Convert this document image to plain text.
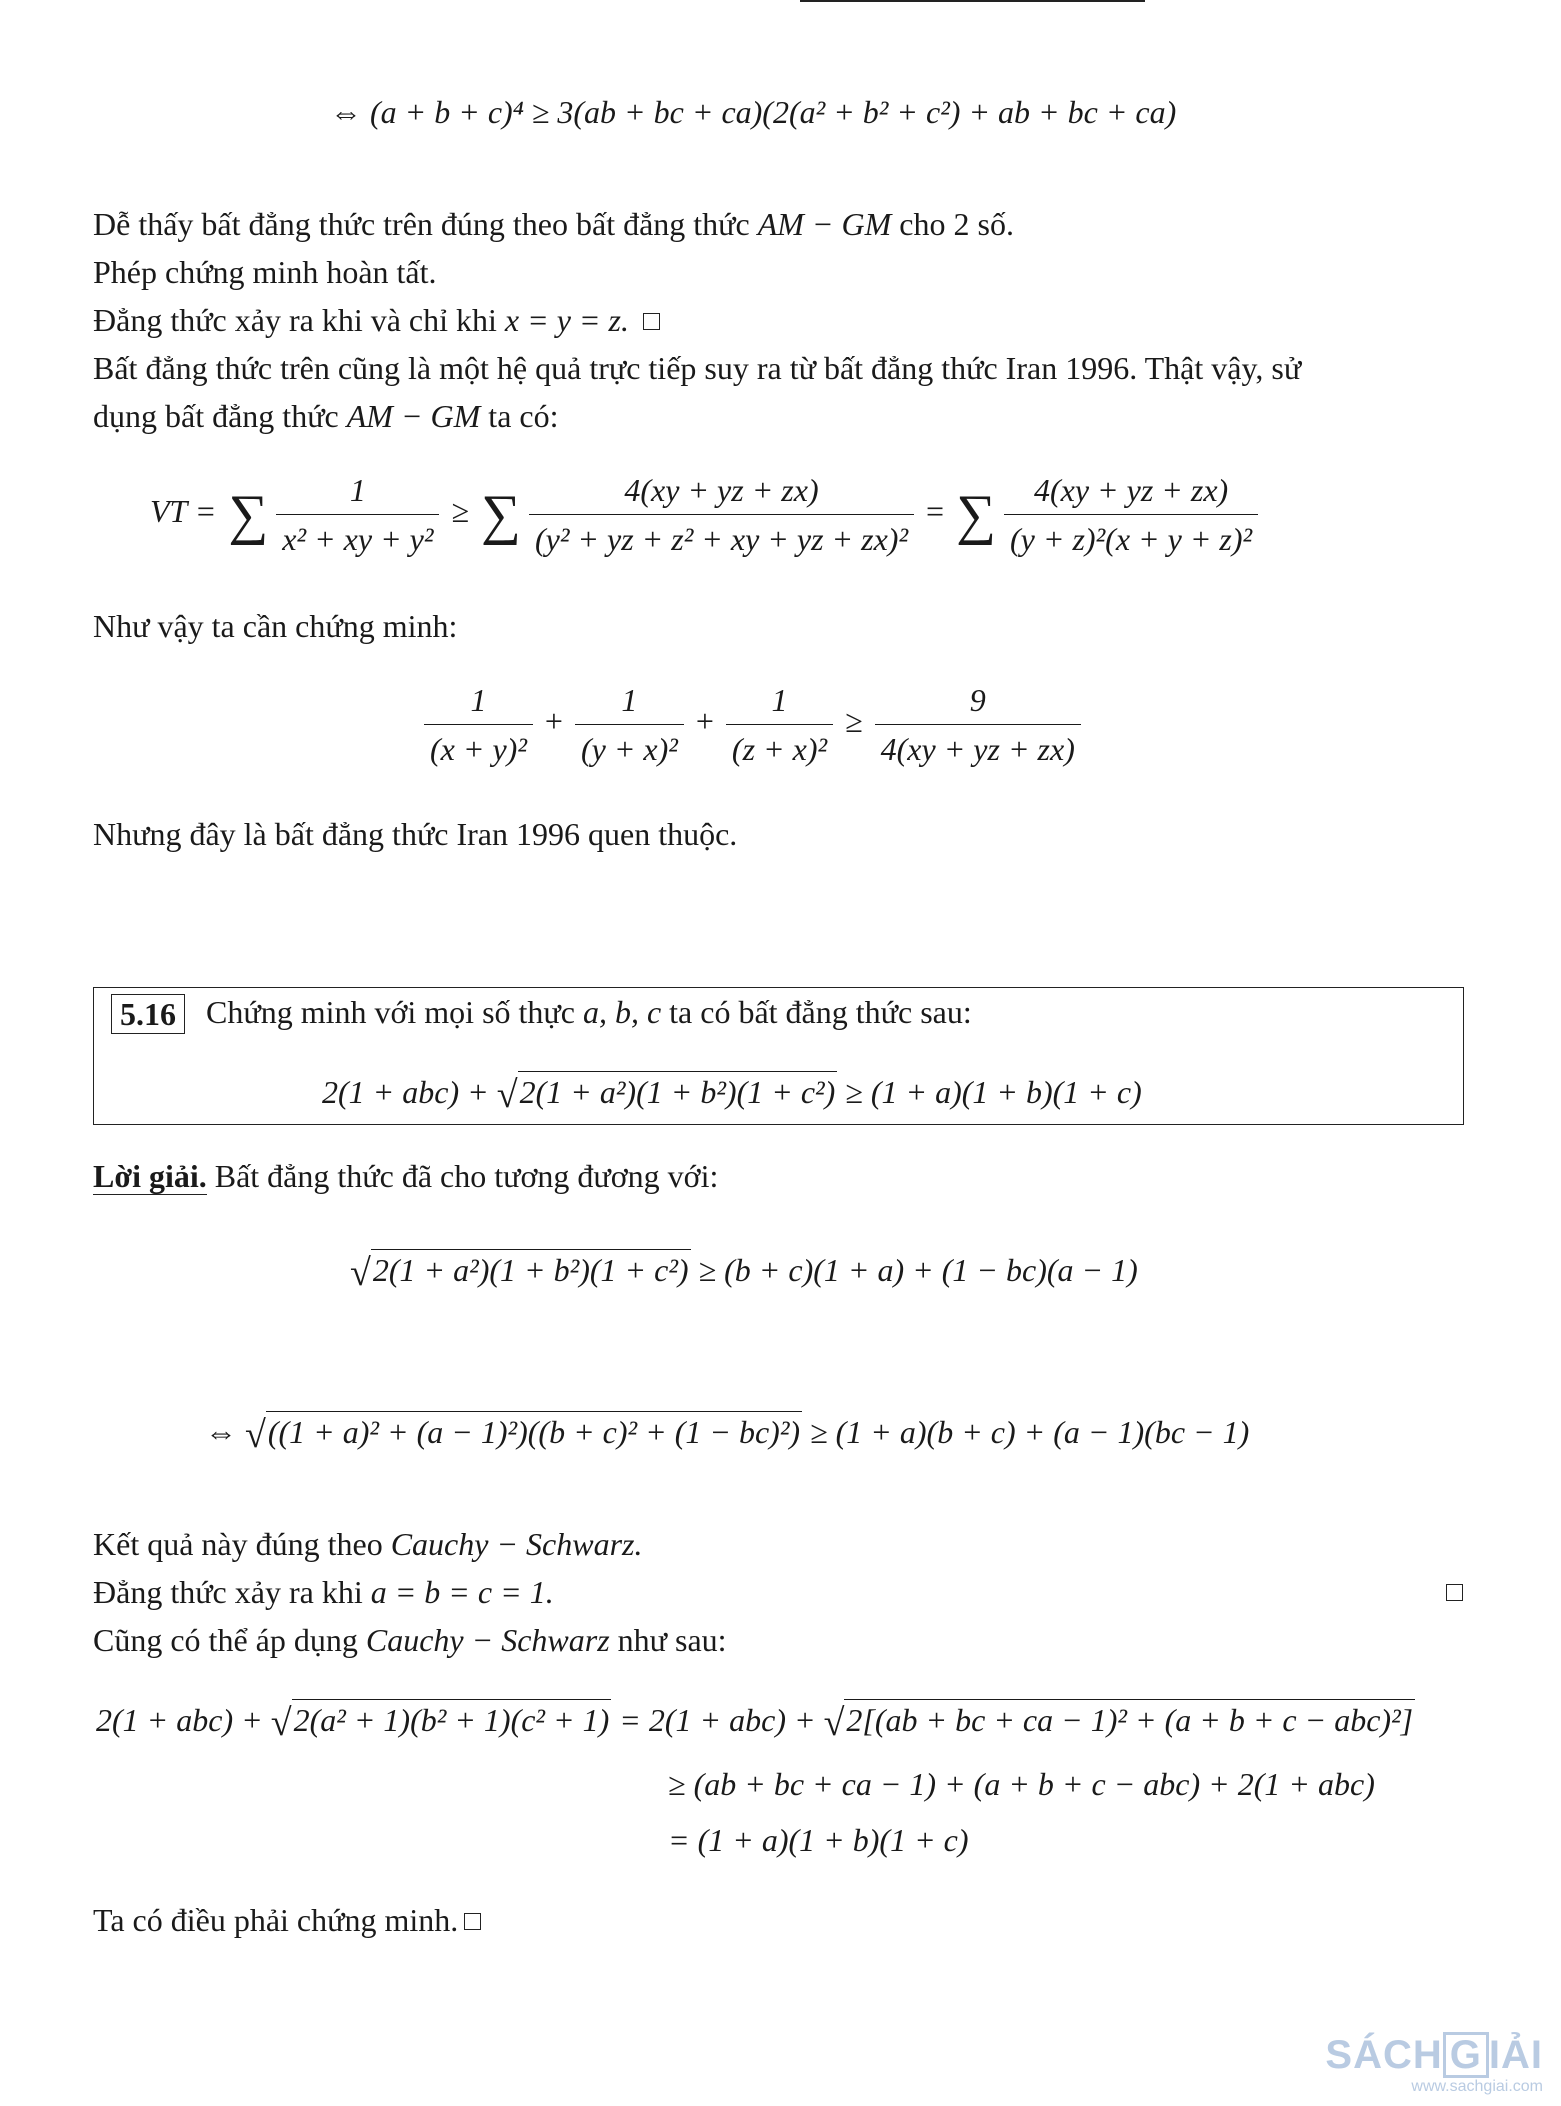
⇔ (a + b + c)⁴ ≥ 3(ab + bc + ca)(2(a² + b² + c²) + ab + bc + ca)
Dễ thấy bất đẳng thức trên đúng theo bất đẳng thức AM − GM cho 2 số.
Phép chứng minh hoàn tất.
Đẳng thức xảy ra khi và chỉ khi x = y = z.
Bất đẳng thức trên cũng là một hệ quả trực tiếp suy ra từ bất đẳng thức Iran 1996. Thật vậy, sử
dụng bất đẳng thức AM − GM ta có:
VT = ∑ $\frac{1}{\text{x² + xy + y²}}$ ≥ ∑ $\frac{4(xy + yz + zx)}{\text{(y² + yz + z² + xy + yz + zx)²}}$ = ∑ $\frac{4(xy + yz + zx)}{\text{(y + z)²(x + y + z)²}}$
Như vậy ta cần chứng minh:
$\frac{1}{\text{(x + y)²}} + \frac{1}{\text{(y + x)²}} + \frac{1}{\text{(z + x)²}} \ge \frac{9}{4(xy + yz + zx)}$
Nhưng đây là bất đẳng thức Iran 1996 quen thuộc.
5.16 Chứng minh với mọi số thực a, b, c ta có bất đẳng thức sau:
2(1 + abc) + √2(1 + a²)(1 + b²)(1 + c²) ≥ (1 + a)(1 + b)(1 + c)
Lời giải. Bất đẳng thức đã cho tương đương với:
√2(1 + a²)(1 + b²)(1 + c²) ≥ (b + c)(1 + a) + (1 − bc)(a − 1)
⇔ √((1 + a)² + (a − 1)²)((b + c)² + (1 − bc)²) ≥ (1 + a)(b + c) + (a − 1)(bc − 1)
Kết quả này đúng theo Cauchy − Schwarz.
Đẳng thức xảy ra khi a = b = c = 1.
Cũng có thể áp dụng Cauchy − Schwarz như sau:
2(1 + abc) + √2(a² + 1)(b² + 1)(c² + 1) = 2(1 + abc) + √2[(ab + bc + ca − 1)² + (a + b + c − abc)²]
≥ (ab + bc + ca − 1) + (a + b + c − abc) + 2(1 + abc)
= (1 + a)(1 + b)(1 + c)
Ta có điều phải chứng minh.
SÁCH G IẢI
www.sachgiai.com
